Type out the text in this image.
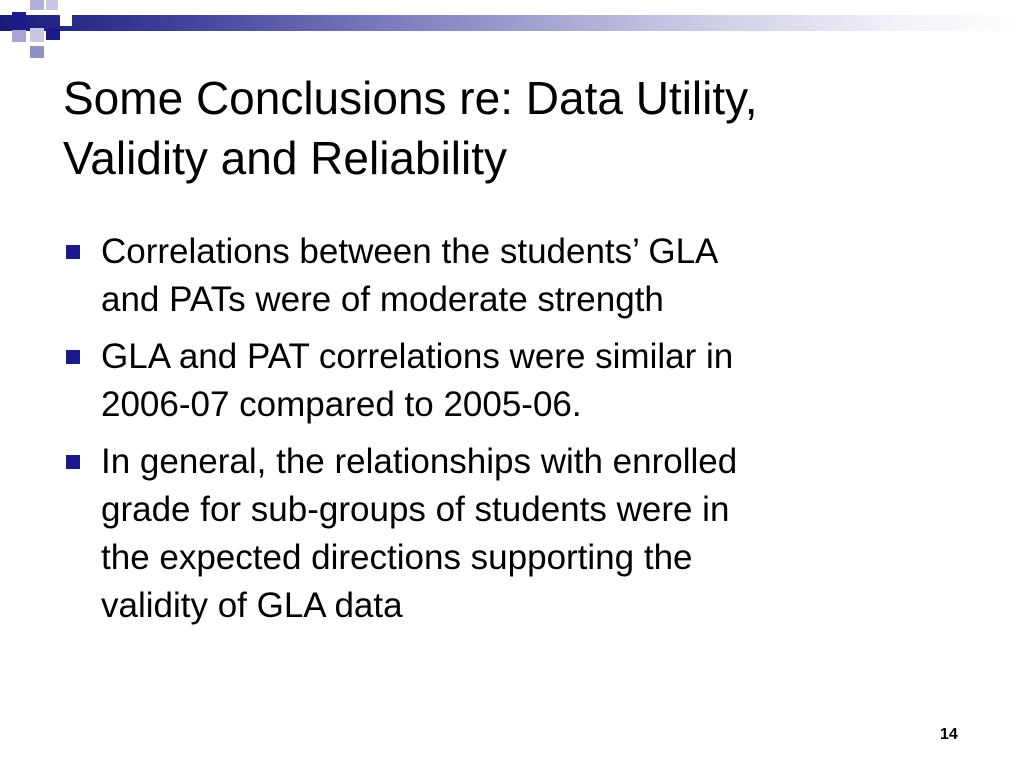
Some Conclusions re: Data Utility,
Validity and Reliability
Correlations between the students’ GLA
and PATs were of moderate strength
GLA and PAT correlations were similar in
2006-07 compared to 2005-06.
In general, the relationships with enrolled
grade for sub-groups of students were in
the expected directions supporting the
validity of GLA data
14
